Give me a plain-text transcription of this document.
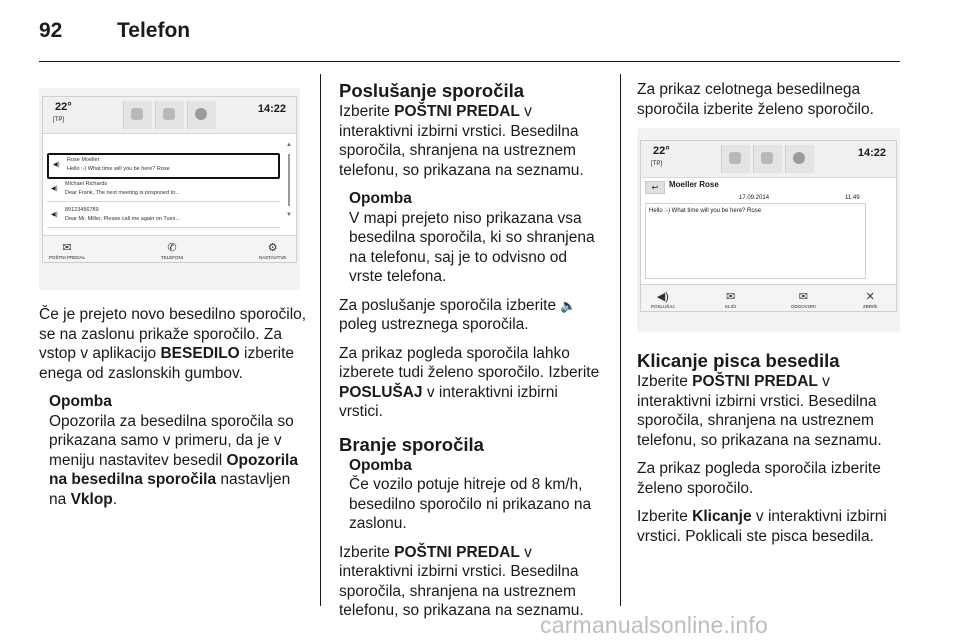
92	Telefon
22°
[TP]
14:22
◀)
Rose Moeller
Hello :-) What time will you be here? Rose
◀)
Michael Richards
Dear Frank, The next meeting is posponed to...
◀)
89123456789
Dear Mr. Miller, Please call me again on Tues...
▲
▼
✉
POŠTNI PREDAL
✆
TELEFONI
⚙
NASTAVITVE

Če je prejeto novo besedilno sporočilo, se na zaslonu prikaže sporočilo. Za vstop v aplikacijo BESEDILO izberite enega od zaslonskih gumbov.

Opomba
Opozorila za besedilna sporočila so prikazana samo v primeru, da je v meniju nastavitev besedil Opozorila na besedilna sporočila nastavljen na Vklop.
Poslušanje sporočila

Izberite POŠTNI PREDAL v interaktivni izbirni vrstici. Besedilna sporočila, shranjena na ustreznem telefonu, so prikazana na seznamu.

Opomba
V mapi prejeto niso prikazana vsa besedilna sporočila, ki so shranjena na telefonu, saj je to odvisno od vrste telefona.

Za poslušanje sporočila izberite 🔈 poleg ustreznega sporočila.

Za prikaz pogleda sporočila lahko izberete tudi želeno sporočilo. Izberite POSLUŠAJ v interaktivni izbirni vrstici.

Branje sporočila
Opomba
Če vozilo potuje hitreje od 8 km/h, besedilno sporočilo ni prikazano na zaslonu.

Izberite POŠTNI PREDAL v interaktivni izbirni vrstici. Besedilna sporočila, shranjena na ustreznem telefonu, so prikazana na seznamu.

Za prikaz celotnega besedilnega sporočila izberite želeno sporočilo.

22°
[TP]
14:22
↩	Moeller Rose
17.09.2014	11:49
Hello :-) What time will you be here? Rose
◀)
POSLUŠAJ
✉
KLIČI
✉
ODGOVORI
✕
ZBRIŠI
Klicanje pisca besedila

Izberite POŠTNI PREDAL v interaktivni izbirni vrstici. Besedilna sporočila, shranjena na ustreznem telefonu, so prikazana na seznamu.

Za prikaz pogleda sporočila izberite želeno sporočilo.

Izberite Klicanje v interaktivni izbirni vrstici. Poklicali ste pisca besedila.

carmanualsonline.info
